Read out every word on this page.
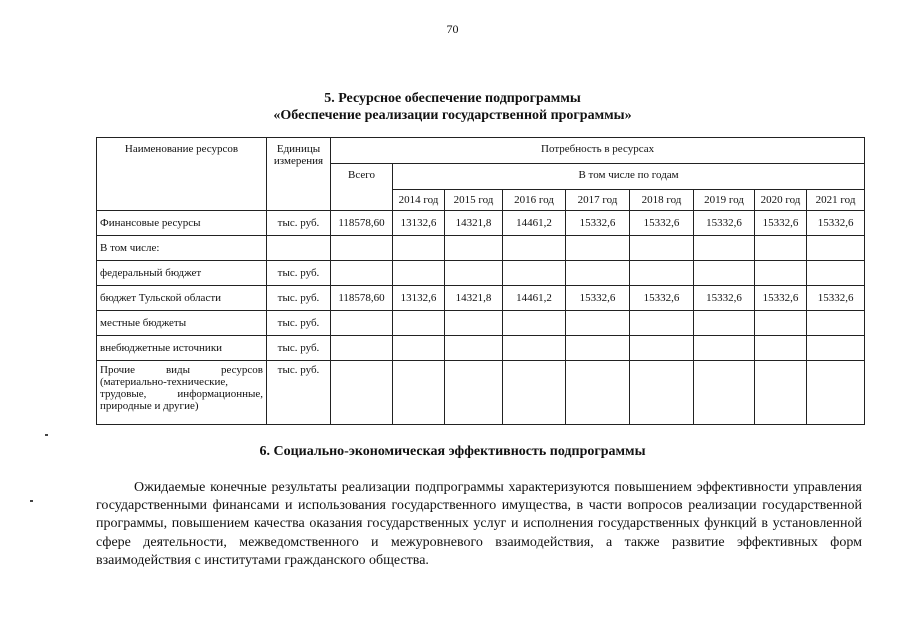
70
5. Ресурсное обеспечение подпрограммы
«Обеспечение реализации государственной программы»
Наименование ресурсов	Единицы измерения	Потребность в ресурсах								
		Всего	В том числе по годам							
			2014 год	2015 год	2016 год	2017 год	2018 год	2019 год	2020 год	2021 год
Финансовые ресурсы	тыс. руб.	118578,60	13132,6	14321,8	14461,2	15332,6	15332,6	15332,6	15332,6	15332,6
В том числе:										
федеральный бюджет	тыс. руб.									
бюджет Тульской области	тыс. руб.	118578,60	13132,6	14321,8	14461,2	15332,6	15332,6	15332,6	15332,6	15332,6
местные бюджеты	тыс. руб.									
внебюджетные источники	тыс. руб.									

Прочие виды ресурсов
(материально-технические, трудовые, информационные, природные и другие)	тыс. руб.									
6. Социально-экономическая эффективность подпрограммы

Ожидаемые конечные результаты реализации подпрограммы характеризуются повышением эффективности управления государственными финансами и использования государственного имущества, в части вопросов реализации государственной программы, повышением качества оказания государственных услуг и исполнения государственных функций в установленной сфере деятельности, межведомственного и межуровневого взаимодействия, а также развитие эффективных форм взаимодействия с институтами гражданского общества.
